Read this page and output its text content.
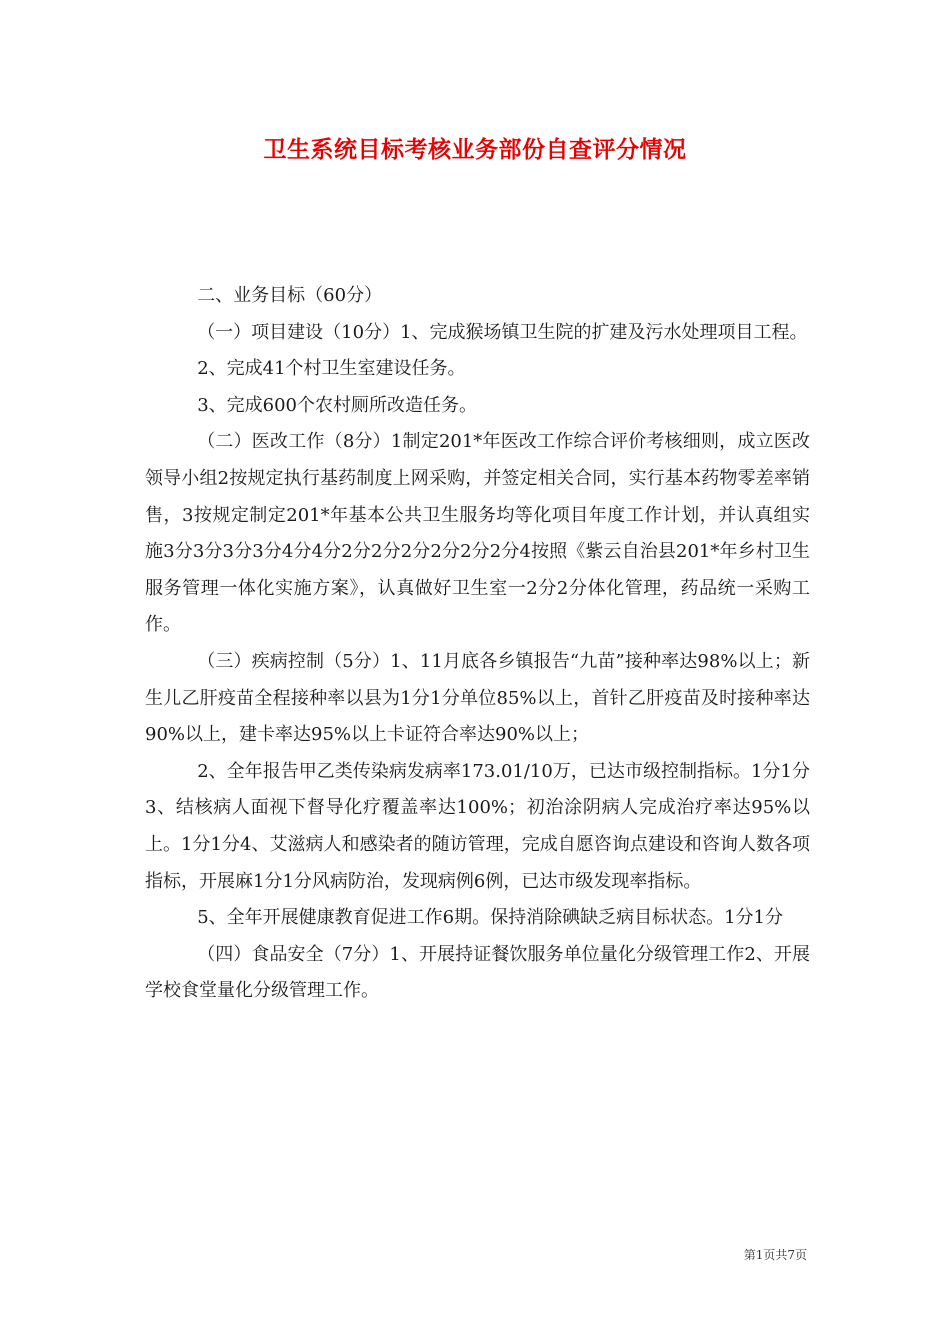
卫生系统目标考核业务部份自查评分情况

二、业务目标（60分）

（一）项目建设（10分）1、完成猴场镇卫生院的扩建及污水处理项目工程。

2、完成41个村卫生室建设任务。

3、完成600个农村厕所改造任务。

（二）医改工作（8分）1制定201*年医改工作综合评价考核细则，成立医改领导小组2按规定执行基药制度上网采购，并签定相关合同，实行基本药物零差率销售，3按规定制定201*年基本公共卫生服务均等化项目年度工作计划，并认真组实施3分3分3分3分4分4分2分2分2分2分2分2分4按照《紫云自治县201*年乡村卫生服务管理一体化实施方案》，认真做好卫生室一2分2分体化管理，药品统一采购工作。

（三）疾病控制（5分）1、11月底各乡镇报告“九苗”接种率达98%以上；新生儿乙肝疫苗全程接种率以县为1分1分单位85%以上，首针乙肝疫苗及时接种率达90%以上，建卡率达95%以上卡证符合率达90%以上；

2、全年报告甲乙类传染病发病率173.01/10万，已达市级控制指标。1分1分3、结核病人面视下督导化疗覆盖率达100%；初治涂阴病人完成治疗率达95%以上。1分1分4、艾滋病人和感染者的随访管理，完成自愿咨询点建设和咨询人数各项指标，开展麻1分1分风病防治，发现病例6例，已达市级发现率指标。

5、全年开展健康教育促进工作6期。保持消除碘缺乏病目标状态。1分1分

（四）食品安全（7分）1、开展持证餐饮服务单位量化分级管理工作2、开展学校食堂量化分级管理工作。

第1页共7页
